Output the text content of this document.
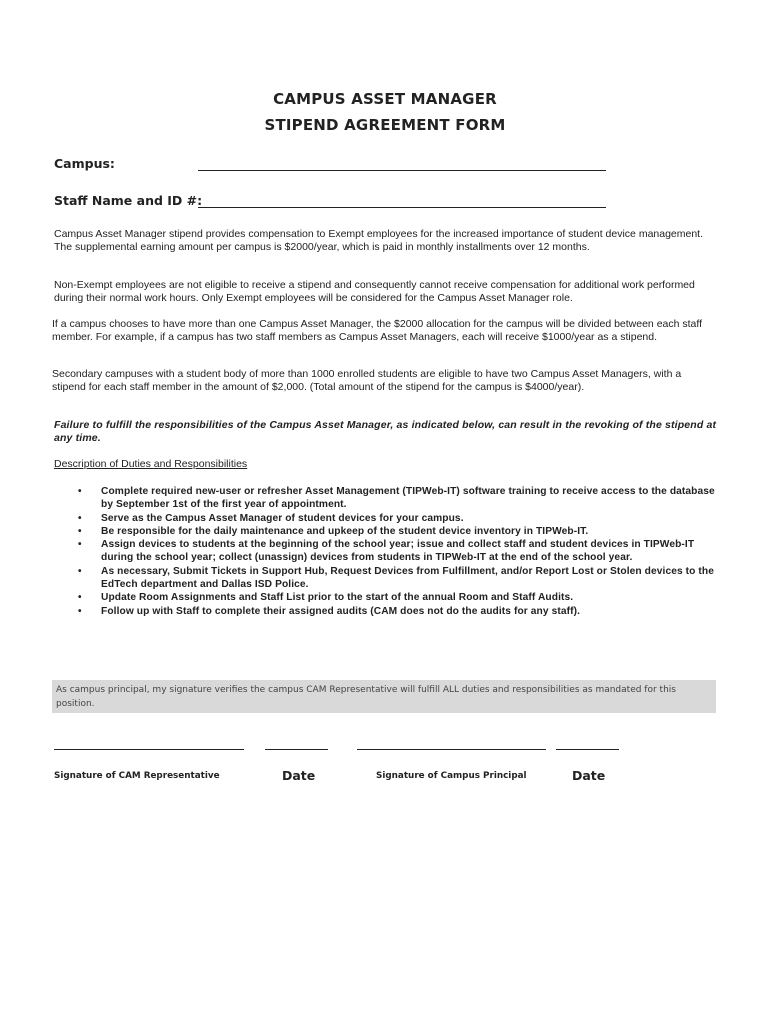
CAMPUS ASSET MANAGER
STIPEND AGREEMENT FORM
Campus:
Staff Name and ID #:
Campus Asset Manager stipend provides compensation to Exempt employees for the increased importance of student device management. The supplemental earning amount per campus is $2000/year, which is paid in monthly installments over 12 months.
Non-Exempt employees are not eligible to receive a stipend and consequently cannot receive compensation for additional work performed during their normal work hours. Only Exempt employees will be considered for the Campus Asset Manager role.
If a campus chooses to have more than one Campus Asset Manager, the $2000 allocation for the campus will be divided between each staff member. For example, if a campus has two staff members as Campus Asset Managers, each will receive $1000/year as a stipend.
Secondary campuses with a student body of more than 1000 enrolled students are eligible to have two Campus Asset Managers, with a stipend for each staff member in the amount of $2,000. (Total amount of the stipend for the campus is $4000/year).
Failure to fulfill the responsibilities of the Campus Asset Manager, as indicated below, can result in the revoking of the stipend at any time.
Description of Duties and Responsibilities
• Complete required new-user or refresher Asset Management (TIPWeb-IT) software training to receive access to the database by September 1st of the first year of appointment.
• Serve as the Campus Asset Manager of student devices for your campus.
• Be responsible for the daily maintenance and upkeep of the student device inventory in TIPWeb-IT.
• Assign devices to students at the beginning of the school year; issue and collect staff and student devices in TIPWeb-IT during the school year; collect (unassign) devices from students in TIPWeb-IT at the end of the school year.
• As necessary, Submit Tickets in Support Hub, Request Devices from Fulfillment, and/or Report Lost or Stolen devices to the EdTech department and Dallas ISD Police.
• Update Room Assignments and Staff List prior to the start of the annual Room and Staff Audits.
• Follow up with Staff to complete their assigned audits (CAM does not do the audits for any staff).
As campus principal, my signature verifies the campus CAM Representative will fulfill ALL duties and responsibilities as mandated for this position.
Signature of CAM Representative	Date	Signature of Campus Principal	Date
